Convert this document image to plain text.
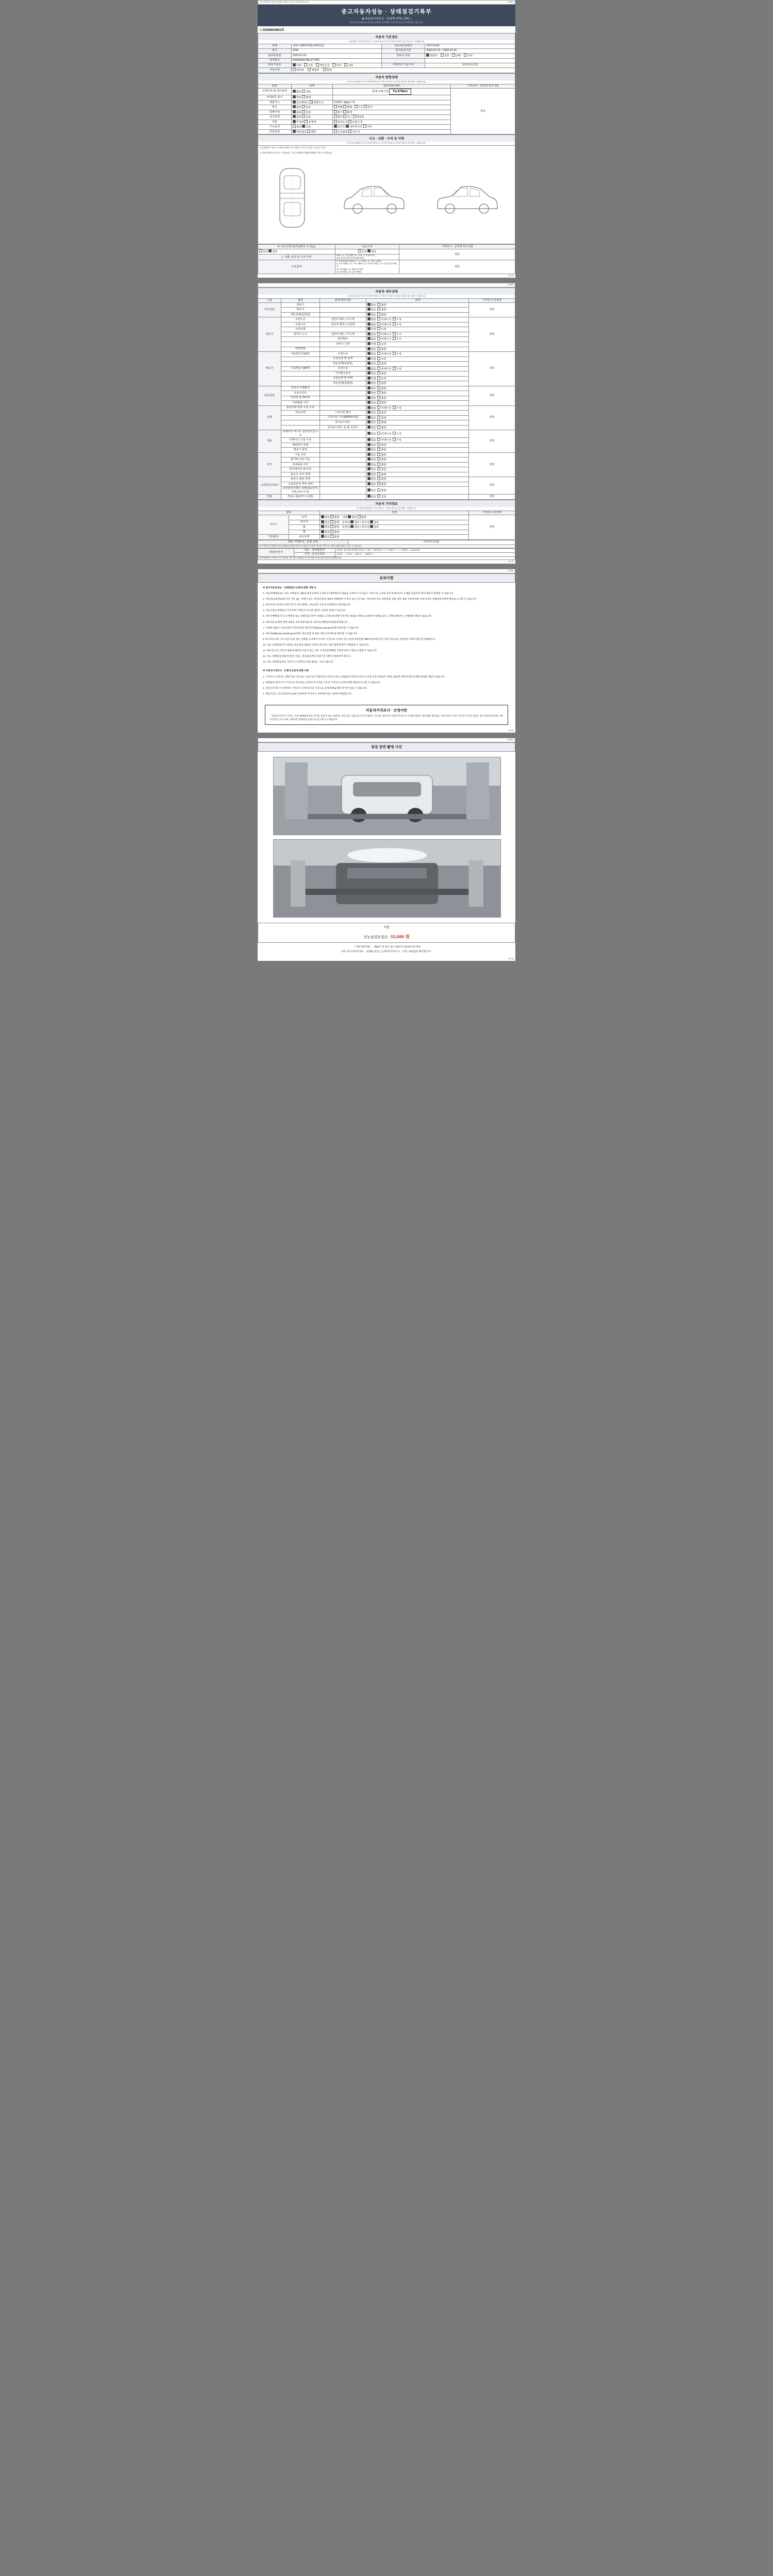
자동차관리법 시행규칙 [별지 제134호서식] <개정 2021.1.19.>	(1/4쪽)
중고자동차성능 · 상태점검기록부
■ 자동차가격조사 · 산정액 선택 ( 선택 )
※ 자동차가격조사·산정을 선택한 경우에만 자동차가격조사·산정액을 적습니다.
제 35366000663호
자동차 기본정보
(자동차의 기본적인 특성으로 자동차등록증 및 자동차등록원부 등을 기준으로 기재합니다)
차명	셀토스(SELTOS) (4세대급)	자동차등록번호	101러1019
연식	2020	검사유효기간	2020-01-03 ~ 2020-01-02
최초등록일	2020-01-03	연료의 종류	휘발유 경유 LPG 기타
차대번호	KNAHG81VBLS77930		
변속기종류	자동 수동 세미오토 CVT 기타	주행거리 기준가치	0 0 0 0 0 (원)
사용이력	대여용 영업용 관용		
자동차 종합상태
(자동차·상태의 및 특기사항의 확인으로 자동차가격조사·산정을 완료한 경우에만 기재합니다)
항목	상태	점검내용(세부)	가격조사 · 산정액 특기사항
주행거리 및 계기상태	많음 적음	현재 주행거리 74,479km	양호
차대번호 표기	양호 불량		
배출가스	일산화탄소 탄화수소	0.03% / 3ppm / %	
튜닝	없음 있음	적법 불법   구조 장치	
특별이력	없음 있음	침수 화재	
용도변경	없음 있음	렌트 리스 영업용	
색상	무채색 유채색	전체도색 부분도색	
주요옵션	없음 있음	선루프 내비게이션 기타	
리콜대상	해당없음 해당	조치완료 미조치	
사고 · 교환 · 수리 등 이력
(자동차·상태의 및 특기사항의 확인으로 자동차가격조사·산정을 완료한 경우에만 기재합니다)
※ (상태표시 부호) : X 교환, W 판금 또는 용접, C 부식, A 흠집, U 요철, T 손상
※ 하단 일람표의 숫자는 기준단위로, 기타 자세항목 설명에 대해서는 별도 안내합니다.
※ 사고이력 (유/무)(체크 시 있음)	단순수리	가격조사 · 산정액 특기사항
있음 없음	있음 없음	양호
1. 교환, 판금 등 이상 부위	1랭크 : 2. 프론트휀더 / 3. 도어 / 4. 트렁크리드
5.(도어/라디에이터서플)퀴터패널	

주요골격	6. 쿼터패널(리어휀더) / 7. 루프패널 / 8. 사이드실패널
9. 프론트패널 / 10. 크로스멤버 / 11. 인사이드패널 / 12. 트렁크플로어패널
13. 리어패널 / 14. 패키지트레이
15. 필러패널 / 16. 플로어패널	양호
(1/4쪽)
(2/4쪽)
자동차 세부상태
(자동차·상태의 및 특기사항의 확인으로 자동차가격조사·산정을 완료한 경우에만 기재합니다)
구분	항목	항목/세부내용	상태	가격조사·산정액
자기진단	원동기		양호  불량	양호
	변속기		양호  불량	
	작동상태(공회전)		양호  불량	
원동기	오일누유	실린더 헤드 / 가스켓	없음  미세누유  누유	양호
	오일누유	실린더 블록 / 오일팬	없음  미세누유  누유	
	오일유량		적정  부족	
	냉각수 누수	실린더 헤드 / 가스켓	없음  미세누수  누수	
		워터펌프	없음  미세누수  누수	
		냉각수 수량	적정  부족	
	커먼레일		양호  불량	
변속기	자동변속기(A/T)	오일누유	없음  미세누유  누유	양호
		오일유량 및 상태	적정  부족	
		작동상태(공회전)	양호  불량	
	수동변속기(M/T)	오일누유	없음  미세누유  누유	
		기어변속장치	양호  불량	
		오일유량 및 상태	적정  부족	
		작동상태(공회전)	양호  불량	
동력전달	클러치 어셈블리		양호  불량	양호
	등속조인트		양호  불량	
	추진축 및 베어링		양호  불량	
	디퍼렌셜 기어		양호  불량	
조향	동력조향 작동 오일 누유		없음  미세누유  누유	양호
	작동상태	스티어링 펌프	양호  불량	
		스티어링 기어(MDPS포함)	양호  불량	
		타이로드엔드	양호  불량	
		타이로드앤드 및 볼 조인트	양호  불량	
제동	브레이크 마스터 실린더오일 누유		없음  미세누유  누유	양호
	브레이크 오일 누유		없음  미세누유  누유	
	배력장치 상태		양호  불량	
	발전기 출력		양호  불량	
전기	시동 모터		양호  불량	양호
	와이퍼 모터 기능		양호  불량	
	실내송풍 모터		양호  불량	
	라디에이터 팬 모터		양호  불량	
	윈도우 모터 상태		양호  불량	
고전원전기장치	충전구 절연 상태		양호  불량	양호
	구동축전지 격리 상태		양호  불량	
	고전원전기배선 상태(접속단자,피복,보호기구)		양호  불량	
연료	연료누설(LP가스포함)		없음  있음	양호
자동차 기타정보
(각 항목에 해당하는 자동차만의 · 산정을 완료한 경우에만 기재합니다)
항목		상태	가격조사·산정액
사이드	유리	양호 불량    내장 양호 불량	양호
	타이어	양호 불량    운전석 양호 / 동승석 양호	
	휠	양호 불량    운전석 양호 / 동승석 양호	
	휠	양호 불량	
기본품목	보유상태	양호 불량	
최종 가격조사 · 산정 금액	0 0 0 0 0 (원)
※ 가격조사·산정액은 성능상태점검 차량가격조사 산정자가 작성한 자동차 가격으로, 실제 거래금액과는 다를 수 있습니다.
점검/산정자	성능 · 상태점검자	상호명 : 한국자동차진단보증(주) / 소재지 : 서울특별시 ○○구 / 대표자 : ○○○ / 전화번호 : 1533-0729
	가격 · 조사산정자	상호명 : - / 소재지 : - / 대표자 : - / 전화번호 : -
연락처(행사부 사업자 등록 절차를 거쳐 성능상태점검 및 보증책임 보험가입을 완료한 업체입니다)		
(2/4쪽)
(3/4쪽)
유의사항

※ 중고자동차성능 · 상태점검의 보증에 관한 사항 등

1. 자동차매매업자는 성능·상태점검 내용을 매수인에게 고지한 후 매매계약서 내용을 교부하기 아니하고 거짓으로 고지할 경우에 매수인이 손해를 입었다면 배상 책임이 발생할 수 있습니다.

2. 자동차(승용차)임차기간 거짓 없는 상태가 있는 경우(동일성 내용을 매매하여 이후의 성능기간 또는 자동차의 성능·상태점검 상태 검증·내용 기준에 따라 자동차성능·상태점검자에게 배상을 요구할 수 있습니다.

3. 자동차인도일부터 보증기간이 지난 때에는 성능점검 기록의 보증책임이 종료됩니다.

4. 자동차성능상태점검 기록부에 기재되지 아니한 내용은 보증의 대상이 아닙니다.

5. 자동차매매업자 중 고객에게 성능·상태점검기록부 내용을 고지할 때 현행 기록부의 내용을 허위로 보증하여 피해를 입은 고객에 대하여는 손해배상 책임이 있습니다.

6. 자동차의 운행에 관한 내용은 자동차관리법 및 자동차손해배상보장법에 따릅니다.

7. 자세한 내용은 국토교통부 자동차민원 대국민포털(www.ecar.go.kr)에서 확인할 수 있습니다.

8. 자동차365(www.car365.go.kr)에서 성능점검 및 압류·저당 등록정보를 확인할 수 있습니다.

9. 중고자동차의 구조·장치 등의 성능·상태를 고지하지 아니한 거짓으로 고지한 자는 (자동차관리법 제80조)에 따라 2년 이하 징역 또는 2천만원 이하의 벌금에 처해집니다.

10. 성능·상태점검자가 허위로 성능점검 내용을 작성한 경우에는 관련 법령에 따라 처벌받을 수 있습니다.

11. 매수인이 본 기록부 내용에 대하여 이의가 있는 경우 소비자분쟁해결 기준에 따라 조정을 신청할 수 있습니다.

12. 성능·상태점검 내용에 관한 이의는 점검일로부터 보증기간 내에 신청하여야 합니다.

13. 성능·상태점검자와 가격조사·산정자의 책임 범위는 서로 다릅니다.

※ 자동차가격조사 · 산정의 보증에 관한 사항

1. 가격조사·산정자는 해당 성능기준 또는 보증기준 이내에 중고자동차 성능·상태점검기록부(가격조사·산정 부분 한정)에 기재된 내용에 대하여 매수인에게 배상할 책임이 있습니다.

2. 매매업자 에서 조사 거짓으로 작성 또는 실제가격 차이를 이유로 가격조사·산정자에게 배상을 요구할 수 있습니다.

3. 자동차가격조사·산정액은 가격조사·산정 당시의 가격으로 실제 매매금액과 차이가 있을 수 있습니다.

4. 책임기간은 인도일로부터 30일 이내이며 가격조사·산정액의 한도 내에서 배상합니다.

자동차가격조사 · 산정이란
「자동차가격조사·산정」이란 매매용자동차 가격을 자동차 성능·상태 및 시세 등을 기준으로 조사·산정하는 것으로, 매수인이 자동차가격조사·산정을 원하는 경우에만 제공되는 선택 서비스이며, 가격조사·산정 결과는 중고자동차의 판매 구매시장 참고 요소이며 구매자의 결정에 참고되므로 참고하시기 바랍니다.
(3/4쪽)
(4/4쪽)
점검 장면 촬영 사진
서명
성능점검보험료 : 53,680 원
「 자동차관리법 」 제58조 및 같은 법 시행규칙 제134조에 따라
[ ▼ ] 중고자동차성능 · 상태를 점검, [ ] 자동차가격조사 · 산정 ) 하였음을 확인합니다.
(4/4쪽)
